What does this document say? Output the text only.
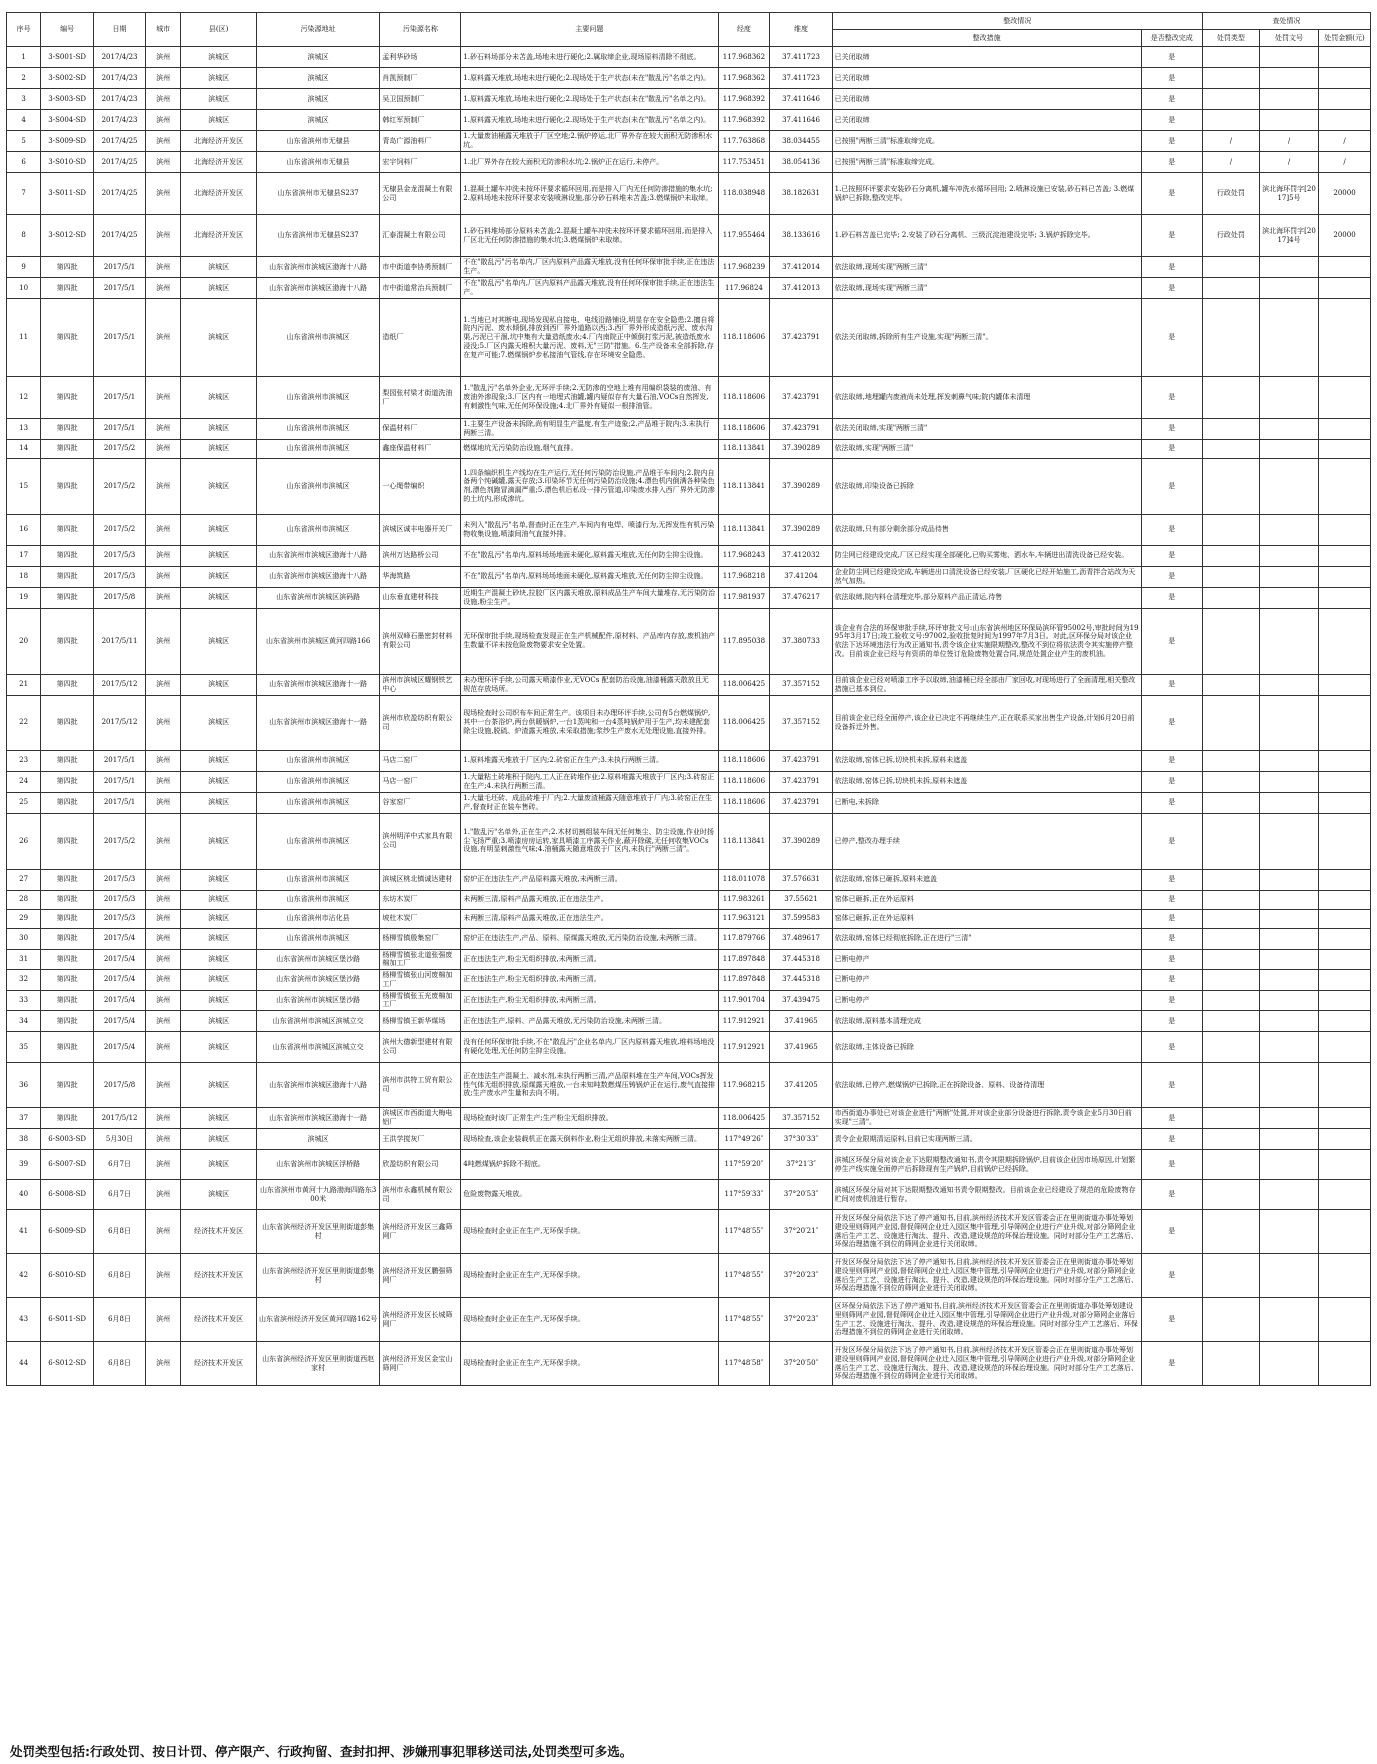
序号	编号	日期	城市	县(区)	污染源地址	污染源名称	主要问题	经度	维度	整改情况		查处情况		
										整改措施	是否整改完成	处罚类型	处罚文号	处罚金额(元)
1	3-S001-SD	2017/4/23	滨州	滨城区	滨城区	孟利华砂场	1.砂石料场部分未苫盖,场地未进行硬化;2.属取缔企业,现场原料清除不彻底。	117.968362	37.411723	已关闭取缔	是			
2	3-S002-SD	2017/4/23	滨州	滨城区	滨城区	肖凯预制厂	1.原料露天堆放,场地未进行硬化;2.现场处于生产状态(未在"散乱污"名单之内)。	117.968362	37.411723	已关闭取缔	是			
3	3-S003-SD	2017/4/23	滨州	滨城区	滨城区	吴卫国预制厂	1.原料露天堆放,场地未进行硬化;2.现场处于生产状态(未在"散乱污"名单之内)。	117.968392	37.411646	已关闭取缔	是			
4	3-S004-SD	2017/4/23	滨州	滨城区	滨城区	韩红军预制厂	1.原料露天堆放,场地未进行硬化;2.现场处于生产状态(未在"散乱污"名单之内)。	117.968392	37.411646	已关闭取缔	是			
5	3-S009-SD	2017/4/25	滨州	北海经济开发区	山东省滨州市无棣县	青岛广源油料厂	1.大量废油桶露天堆放于厂区空地;2.锅炉停运,北厂界外存在较大面积无防渗积水坑。	117.763868	38.034455	已按照"两断三清"标准取缔完成。	是	/	/	/
6	3-S010-SD	2017/4/25	滨州	北海经济开发区	山东省滨州市无棣县	宏宇饲料厂	1.北厂界外存在较大面积无防渗积水坑;2.锅炉正在运行,未停产。	117.753451	38.054136	已按照"两断三清"标准取缔完成。	是	/	/	/
7	3-S011-SD	2017/4/25	滨州	北海经济开发区	山东省滨州市无棣县S237	无棣县金龙混凝土有限公司	1.混凝土罐车冲洗未按环评要求循环回用,而是排入厂内无任何防渗措施的集水坑;2.原料场地未按环评要求安装喷淋设施,部分砂石料堆未苫盖;3.燃煤锅炉未取缔。	118.038948	38.182631	1.已按照环评要求安装砂石分离机,罐车冲洗水循环回用; 2.喷淋设施已安装,砂石料已苫盖; 3.燃煤锅炉已拆除,整改完毕。	是	行政处罚	滨北海环罚字[2017]5号	20000
8	3-S012-SD	2017/4/25	滨州	北海经济开发区	山东省滨州市无棣县S237	汇泰混凝土有限公司	1.砂石料堆场部分原料未苫盖;2.混凝土罐车冲洗未按环评要求循环回用,而是排入厂区北无任何防渗措施的集水坑;3.燃煤锅炉未取缔。	117.955464	38.133616	1.砂石料苫盖已完毕; 2.安装了砂石分离机、三级沉淀池建设完毕; 3.锅炉拆除完毕。	是	行政处罚	滨北海环罚字[2017]4号	20000
9	第四批	2017/5/1	滨州	滨城区	山东省滨州市滨城区渤海十八路	市中街道李协勇预制厂	不在"散乱污"污名单内,厂区内原料产品露天堆放,没有任何环保审批手续,正在违法生产。	117.968239	37.412014	依法取缔,现场实现"两断三清"	是			
10	第四批	2017/5/1	滨州	滨城区	山东省滨州市滨城区渤海十八路	市中街道常治兵预制厂	不在"散乱污"名单内,厂区内原料产品露天堆放,没有任何环保审批手续,正在违法生产。	117.96824	37.412013	依法取缔,现场实现"两断三清"	是			
11	第四批	2017/5/1	滨州	滨城区	山东省滨州市滨城区	造纸厂	1.当地已对其断电,现场发现私自接电、电线沿路铺设,明显存在安全隐患;2.擅自将院内污泥、废水倾倒,排放到西厂界外道路以西;3.西厂界外形成造纸污泥、废水沟渠,污泥已干涸,坑中集有大量造纸废水;4.厂内南院正中倾倒打浆污泥,被造纸废水浸没;5.厂区内露天堆积大量污泥、废料,无"三防"措施。6.生产设备未全部拆除,存在复产可能;7.燃煤锅炉步私接油气管线,存在环境安全隐患。	118.118606	37.423791	依法关闭取缔,拆除所有生产设施,实现"两断三清"。	是			
12	第四批	2017/5/1	滨州	滨城区	山东省滨州市滨城区	梨园张村梁才街道洗油厂	1."散乱污"名单外企业,无环评手续;2.无防渗的空地上堆有用编织袋装的废油、有废油外渗现象;3.厂区内有一地埋式油罐,罐内疑似存有大量石油,VOCs自然挥发,有刺激性气味,无任何环保设施;4.北厂界外有疑似一根排油管。	118.118606	37.423791	依法取缔,地埋罐内废液尚未处理,挥发刺鼻气味;院内罐体未清理	是			
13	第四批	2017/5/1	滨州	滨城区	山东省滨州市滨城区	保温材料厂	1.主要生产设备未拆除,尚有明显生产温度,有生产迹象;2.产品堆于院内;3.未执行两断三清。	118.118606	37.423791	依法关闭取缔,实现"两断三清"	是			
14	第四批	2017/5/2	滨州	滨城区	山东省滨州市滨城区	鑫座保温材料厂	燃煤地坑无污染防治设施,烟气直排。	118.113841	37.390289	依法取缔,实现"两断三清"	是			
15	第四批	2017/5/2	滨州	滨城区	山东省滨州市滨城区	一心绳带编织	1.四条编织机生产线均在生产运行,无任何污染防治设施,产品堆于车间内;2.院内自备两个纯碱罐,露天存放;3.印染环节无任何污染防治设施;4.漂色机内倒满各种染色剂,漂色剂跑冒滴漏严重;5.漂色机后私设一排污管道,印染废水排入西厂界外无防渗的土坑内,形成渗坑。	118.113841	37.390289	依法取缔,印染设备已拆除	是			
16	第四批	2017/5/2	滨州	滨城区	山东省滨州市滨城区	滨城区诚丰电器开关厂	未列入"散乱污"名单,督查时正在生产,车间内有电焊、喷漆行为,无挥发性有机污染物收集设施,喷漆间油气直接外排。	118.113841	37.390289	依法取缔,只有部分剩余部分成品待售	是			
17	第四批	2017/5/3	滨州	滨城区	山东省滨州市滨城区渤海十八路	滨州万达路桥公司	不在"散乱污"名单内,原料场场地面未硬化,原料露天堆放,无任何防尘抑尘设施。	117.968243	37.412032	防尘网已经建设完成,厂区已经实现全部硬化,已购买雾炮、洒水车,车辆进出清洗设备已经安装。	是			
18	第四批	2017/5/3	滨州	滨城区	山东省滨州市滨城区渤海十八路	华海筑路	不在"散乱污"名单内,原料场场地面未硬化,原料露天堆放,无任何防尘抑尘设施。	117.968218	37.41204	企业防尘网已经建设完成,车辆进出口清洗设备已经安装,厂区硬化已经开始施工,沥青拌合站改为天然气加热。	是			
19	第四批	2017/5/8	滨州	滨城区	山东省滨州市滨城区滨码路	山东垂直建材科技	近期生产混凝土砂块,拉胶厂区内露天堆放,原料成品生产车间大量堆存,无污染防治设施,粉尘生产。	117.981937	37.476217	依法取缔,院内料仓清理完毕,部分原料产品正清运,待售	是			
20	第四批	2017/5/11	滨州	滨城区	山东省滨州市滨城区黄河四路166	滨州双峰石墨密封材料有限公司	无环保审批手续,现场检查发现正在生产机械配件,原材料、产品库内存放,废机油产生数量不详未按危险废物要求安全处置。	117.895038	37.380733	该企业有合法的环保审批手续,环评审批文号:山东省滨州地区环保局滨环管95002号,审批时间为1995年3月17日;竣工验收文号:97002,验收批复时间为1997年7月3日。对此,区环保分局对该企业依法下达环境违法行为改正通知书,责令该企业实施限期整改,整改不到位将依法责令其实施停产整改。目前该企业已经与有资质的单位签订危险废物处置合同,规范处置企业产生的废机油。	是			
21	第四批	2017/5/12	滨州	滨城区	山东省滨州市滨城区渤海十一路	滨州市滨城区耀钢铁艺中心	未办理环评手续,公司露天喷漆作业,无VOCs 配套防治设施,油漆桶露天散放且无规范存放场所。	118.006425	37.357152	目前该企业已经对喷漆工序予以取缔,油漆桶已经全部由厂家回收,对现场进行了全面清理,相关整改措施已基本到位。	是			
22	第四批	2017/5/12	滨州	滨城区	山东省滨州市滨城区渤海十一路	滨州市欣盈纺织有限公司	现场检查时公司织布车间正常生产。该项目未办理环评手续,公司有5台燃煤锅炉,其中一台茶浴炉,两台供暖锅炉,一台1蒸吨和一台4蒸吨锅炉用于生产,均未建配套除尘设施,脱硫、炉渣露天堆放,未采取措施;浆纱生产废水无处理设施,直接外排。	118.006425	37.357152	目前该企业已经全面停产,该企业已决定不再继续生产,正在联系买家出售生产设备,计划6月20日前设备拆迁外售。	是			
23	第四批	2017/5/1	滨州	滨城区	山东省滨州市滨城区	马店二窑厂	1.原料堆露天堆放于厂区内;2.砖窑正在生产;3.未执行两断三清。	118.118606	37.423791	依法取缔,窑体已拆,切块机未拆,原料未遮盖	是			
24	第四批	2017/5/1	滨州	滨城区	山东省滨州市滨城区	马店一窑厂	1.大量粘土砖堆积于院内,工人正在砖堆作业;2.原料堆露天堆放于厂区内;3.砖窑正在生产;4.未执行两断三清。	118.118606	37.423791	依法取缔,窑体已拆,切块机未拆,原料未遮盖	是			
25	第四批	2017/5/1	滨州	滨城区	山东省滨州市滨城区	谷家窑厂	1.大量毛坯砖、成品砖堆于厂内;2.大量废渣桶露天随意堆放于厂内;3.砖窑正在生产,督查时正在装车售砖。	118.118606	37.423791	已断电,未拆除	是			
26	第四批	2017/5/2	滨州	滨城区	山东省滨州市滨城区	滨州明洋中式家具有限公司	1."散乱污"名单外,正在生产;2.木材切割组装车间无任何集尘、防尘设施,作业时扬尘飞扬严重;3.喷漆房房运转,家具喷漆工序露天作业,蔽开除碳,无任何收集VOCs设施,有明显刺激性气味;4.油桶露天随意堆放于厂区内,未执行"两断三清"。	118.113841	37.390289	已停产,整改办理手续	是			
27	第四批	2017/5/3	滨州	滨城区	山东省滨州市滨城区	滨城区桃北镇诚达建材	窑炉正在违法生产,产品原料露天堆放,未两断三清。	118.011078	37.576631	依法取缔,窑体已砸拆,原料未遮盖	是			
28	第四批	2017/5/3	滨州	滨城区	山东省滨州市滨城区	东坊木炭厂	未两断三清,原料产品露天堆放,正在违法生产。	117.983261	37.55621	窑体已砸拆,正在外运原料	是			
29	第四批	2017/5/3	滨州	滨城区	山东省滨州市沾化县	坡杜木炭厂	未两断三清,原料产品露天堆放,正在违法生产。	117.963121	37.599583	窑体已砸拆,正在外运原料	是			
30	第四批	2017/5/4	滨州	滨城区	山东省滨州市滨城区	杨柳雪镇殷集窑厂	窑炉正在违法生产,产品、原料、原煤露天堆放,无污染防治设施,未两断三清。	117.879766	37.489617	依法取缔,窑体已经彻底拆除,正在进行"三清"	是			
31	第四批	2017/5/4	滨州	滨城区	山东省滨州市滨城区堡沙路	杨柳雪镇张北道张强废棉加工厂	正在违法生产,粉尘无组织排放,未两断三清。	117.897848	37.445318	已断电停产	是			
32	第四批	2017/5/4	滨州	滨城区	山东省滨州市滨城区堡沙路	杨柳雪镇张山河废棉加工厂	正在违法生产,粉尘无组织排放,未两断三清。	117.897848	37.445318	已断电停产	是			
33	第四批	2017/5/4	滨州	滨城区	山东省滨州市滨城区堡沙路	杨柳雪镇张玉光废棉加工厂	正在违法生产,粉尘无组织排放,未两断三清。	117.901704	37.439475	已断电停产	是			
34	第四批	2017/5/4	滨州	滨城区	山东省滨州市滨城区滨城立交	杨柳雪镇王新华煤场	正在违法生产,原料、产品露天堆放,无污染防治设施,未两断三清。	117.912921	37.41965	依法取缔,原料基本清理完成	是			
35	第四批	2017/5/4	滨州	滨城区	山东省滨州市滨城区滨城立交	滨州大德新型建材有限公司	没有任何环保审批手续,不在"散乱污"企业名单内,厂区内原料露天堆放,堆料场地没有硬化处理,无任何防尘抑尘设施。	117.912921	37.41965	依法取缔,主体设备已拆除	是			
36	第四批	2017/5/8	滨州	滨城区	山东省滨州市滨城区渤海十八路	滨州市洪特工贸有限公司	正在违法生产混凝土、减水剂,未执行两断三清,产品原料堆在生产车间,VOCs挥发性气体无组织排放,原煤露天堆放,一台未知吨数燃煤压铸锅炉正在运行,废气直接排放;生产废水产生量和去向不明。	117.968215	37.41205	依法取缔,已停产,燃煤锅炉已拆除,正在拆除设备、原料、设备待清理	是			
37	第四批	2017/5/12	滨州	滨城区	山东省滨州市滨城区渤海十一路	滨城区市西街道大梅电铝厂	现场检查时该厂正常生产;生产粉尘无组织排放。	118.006425	37.357152	市西街道办事处已对该企业进行"两断"处置,并对该企业部分设备进行拆除,责令该企业5月30日前实现"三清"。	是			
38	6-S003-SD	5月30日	滨州	滨城区	滨城区	王洪学搅灰厂	现场检查,该企业装载机正在露天倒料作业,粉尘无组织排放,未落实两断三清。	117°49′26″	37°30′33″	责令企业限期清运原料,目前已实现两断三清。	是			
39	6-S007-SD	6月7日	滨州	滨城区	山东省滨州市滨城区浮桥路	欣盈纺织有限公司	4吨燃煤锅炉拆除不彻底。	117°59′20″	37°21′3″	滨城区环保分局对该企业下达限期整改通知书,责令其限期拆除锅炉,目前该企业因市场原因,计划繁停生产线实施全面停产后拆除现有生产锅炉,目前锅炉已经拆除。	是			
40	6-S008-SD	6月7日	滨州	滨城区	山东省滨州市黄河十九路渤海四路东300米	滨州市永鑫机械有限公司	危险废物露天堆放。	117°59′33″	37°20′53″	滨城区环保分局对其下达限期整改通知书责令限期整改。目前该企业已经建设了规范的危险废物存贮间对废机油进行暂存。	是			
41	6-S009-SD	6月8日	滨州	经济技术开发区	山东省滨州经济开发区里则街道彭集村	滨州经济开发区三鑫筛网厂	现场检查时企业正在生产,无环保手续。	117°48′55″	37°20′21″	开发区环保分局依法下达了停产通知书,目前,滨州经济技术开发区管委会正在里则街道办事处筹划建设里则筛网产业园,督促筛网企业迁入园区集中管理,引导筛网企业进行产业升级,对部分筛网企业落后生产工艺、设施进行淘汰、提升、改造,建设规范的环保治理设施。同时对部分生产工艺落后、环保治理措施不到位的筛网企业进行关闭取缔。	是			
42	6-S010-SD	6月8日	滨州	经济技术开发区	山东省滨州经济开发区里则街道彭集村	滨州经济开发区鹏强筛网厂	现场检查时企业正在生产,无环保手续。	117°48′55″	37°20′23″	开发区环保分局依法下达了停产通知书,目前,滨州经济技术开发区管委会正在里则街道办事处筹划建设里则筛网产业园,督促筛网企业迁入园区集中管理,引导筛网企业进行产业升级,对部分筛网企业落后生产工艺、设施进行淘汰、提升、改造,建设规范的环保治理设施。同时对部分生产工艺落后、环保治理措施不到位的筛网企业进行关闭取缔。	是			
43	6-S011-SD	6月8日	滨州	经济技术开发区	山东省滨州经济开发区黄河四路162号	滨州经济开发区长城筛网厂	现场检查时企业正在生产,无环保手续。	117°48′55″	37°20′23″	区环保分局依法下达了停产通知书,目前,滨州经济技术开发区管委会正在里则街道办事处筹划建设里则筛网产业园,督促筛网企业迁入园区集中管理,引导筛网企业进行产业升级,对部分筛网企业落后生产工艺、设施进行淘汰、提升、改造,建设规范的环保治理设施。同时对部分生产工艺落后、环保治理措施不到位的筛网企业进行关闭取缔。	是			
44	6-S012-SD	6月8日	滨州	经济技术开发区	山东省滨州经济开发区里则街道西赵家村	滨州经济开发区金宝山筛网厂	现场检查时企业正在生产,无环保手续。	117°48′58″	37°20′50″	开发区环保分局依法下达了停产通知书,目前,滨州经济技术开发区管委会正在里则街道办事处筹划建设里则筛网产业园,督促筛网企业迁入园区集中管理,引导筛网企业进行产业升级,对部分筛网企业落后生产工艺、设施进行淘汰、提升、改造,建设规范的环保治理设施。同时对部分生产工艺落后、环保治理措施不到位的筛网企业进行关闭取缔。	是			
处罚类型包括:行政处罚、按日计罚、停产限产、行政拘留、查封扣押、涉嫌刑事犯罪移送司法,处罚类型可多选。
